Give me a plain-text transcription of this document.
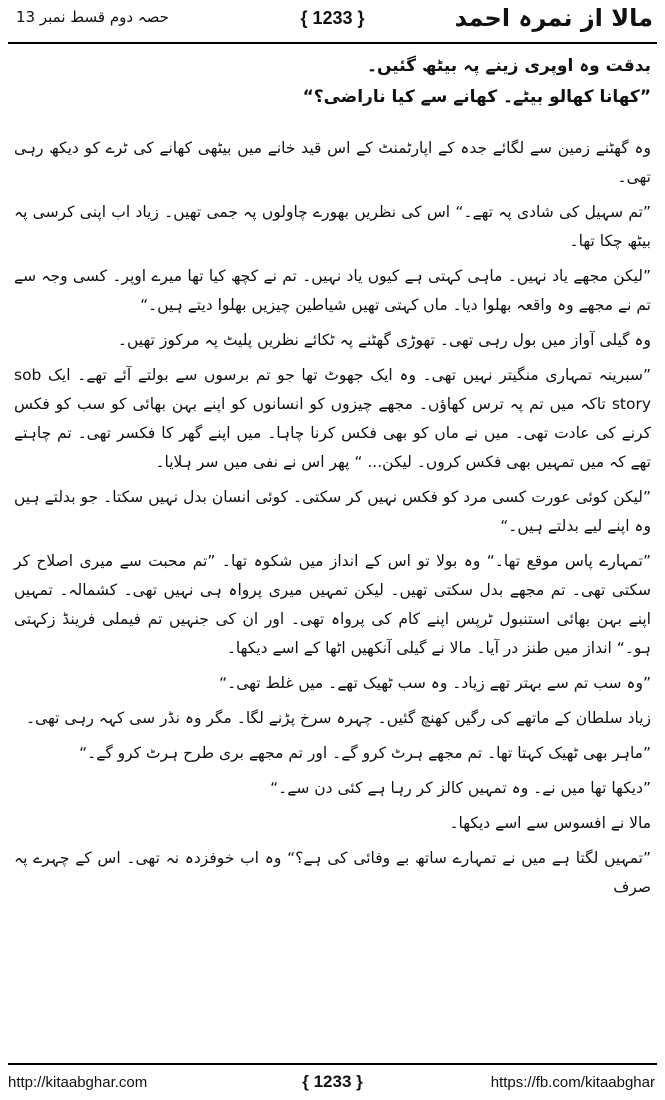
مالا از نمرہ احمد
{ 1233 }
حصہ دوم قسط نمبر 13

بدقت وہ اوپری زینے پہ بیٹھ گئیں۔

”کھانا کھالو بیٹے۔ کھانے سے کیا ناراضی؟“

وہ گھٹنے زمین سے لگائے جدہ کے اپارٹمنٹ کے اس قید خانے میں بیٹھی کھانے کی ٹرے کو دیکھ رہی تھی۔

”تم سہیل کی شادی پہ تھے۔“ اس کی نظریں بھورے چاولوں پہ جمی تھیں۔ زیاد اب اپنی کرسی پہ بیٹھ چکا تھا۔

”لیکن مجھے یاد نہیں۔ ماہی کہتی ہے کیوں یاد نہیں۔ تم نے کچھ کیا تھا میرے اوپر۔ کسی وجہ سے تم نے مجھے وہ واقعہ بھلوا دیا۔ ماں کہتی تھیں شیاطین چیزیں بھلوا دیتے ہیں۔“

وہ گیلی آواز میں بول رہی تھی۔ تھوڑی گھٹنے پہ ٹکائے نظریں پلیٹ پہ مرکوز تھیں۔

”سبرینہ تمہاری منگیتر نہیں تھی۔ وہ ایک جھوٹ تھا جو تم برسوں سے بولتے آئے تھے۔ ایک sob story تاکہ میں تم پہ ترس کھاؤں۔ مجھے چیزوں کو انسانوں کو اپنے بہن بھائی کو سب کو فکس کرنے کی عادت تھی۔ میں نے ماں کو بھی فکس کرنا چاہا۔ میں اپنے گھر کا فکسر تھی۔ تم چاہتے تھے کہ میں تمہیں بھی فکس کروں۔ لیکن... “ پھر اس نے نفی میں سر ہلایا۔

”لیکن کوئی عورت کسی مرد کو فکس نہیں کر سکتی۔ کوئی انسان بدل نہیں سکتا۔ جو بدلتے ہیں وہ اپنے لیے بدلتے ہیں۔“

”تمہارے پاس موقع تھا۔“ وہ بولا تو اس کے انداز میں شکوہ تھا۔ ”تم محبت سے میری اصلاح کر سکتی تھی۔ تم مجھے بدل سکتی تھیں۔ لیکن تمہیں میری پرواہ ہی نہیں تھی۔ کشمالہ۔ تمہیں اپنے بہن بھائی استنبول ٹرپس اپنے کام کی پرواہ تھی۔ اور ان کی جنہیں تم فیملی فرینڈ زکہتی ہو۔“ انداز میں طنز در آیا۔ مالا نے گیلی آنکھیں اٹھا کے اسے دیکھا۔

”وہ سب تم سے بہتر تھے زیاد۔ وہ سب ٹھیک تھے۔ میں غلط تھی۔“

زیاد سلطان کے ماتھے کی رگیں کھنچ گئیں۔ چہرہ سرخ پڑنے لگا۔ مگر وہ نڈر سی کہہ رہی تھی۔

”ماہر بھی ٹھیک کہتا تھا۔ تم مجھے ہرٹ کرو گے۔ اور تم مجھے بری طرح ہرٹ کرو گے۔“

”دیکھا تھا میں نے۔ وہ تمہیں کالز کر رہا ہے کئی دن سے۔“

مالا نے افسوس سے اسے دیکھا۔

”تمہیں لگتا ہے میں نے تمہارے ساتھ بے وفائی کی ہے؟“ وہ اب خوفزدہ نہ تھی۔ اس کے چہرے پہ صرف

http://kitaabghar.com	{ 1233 }	https://fb.com/kitaabghar
